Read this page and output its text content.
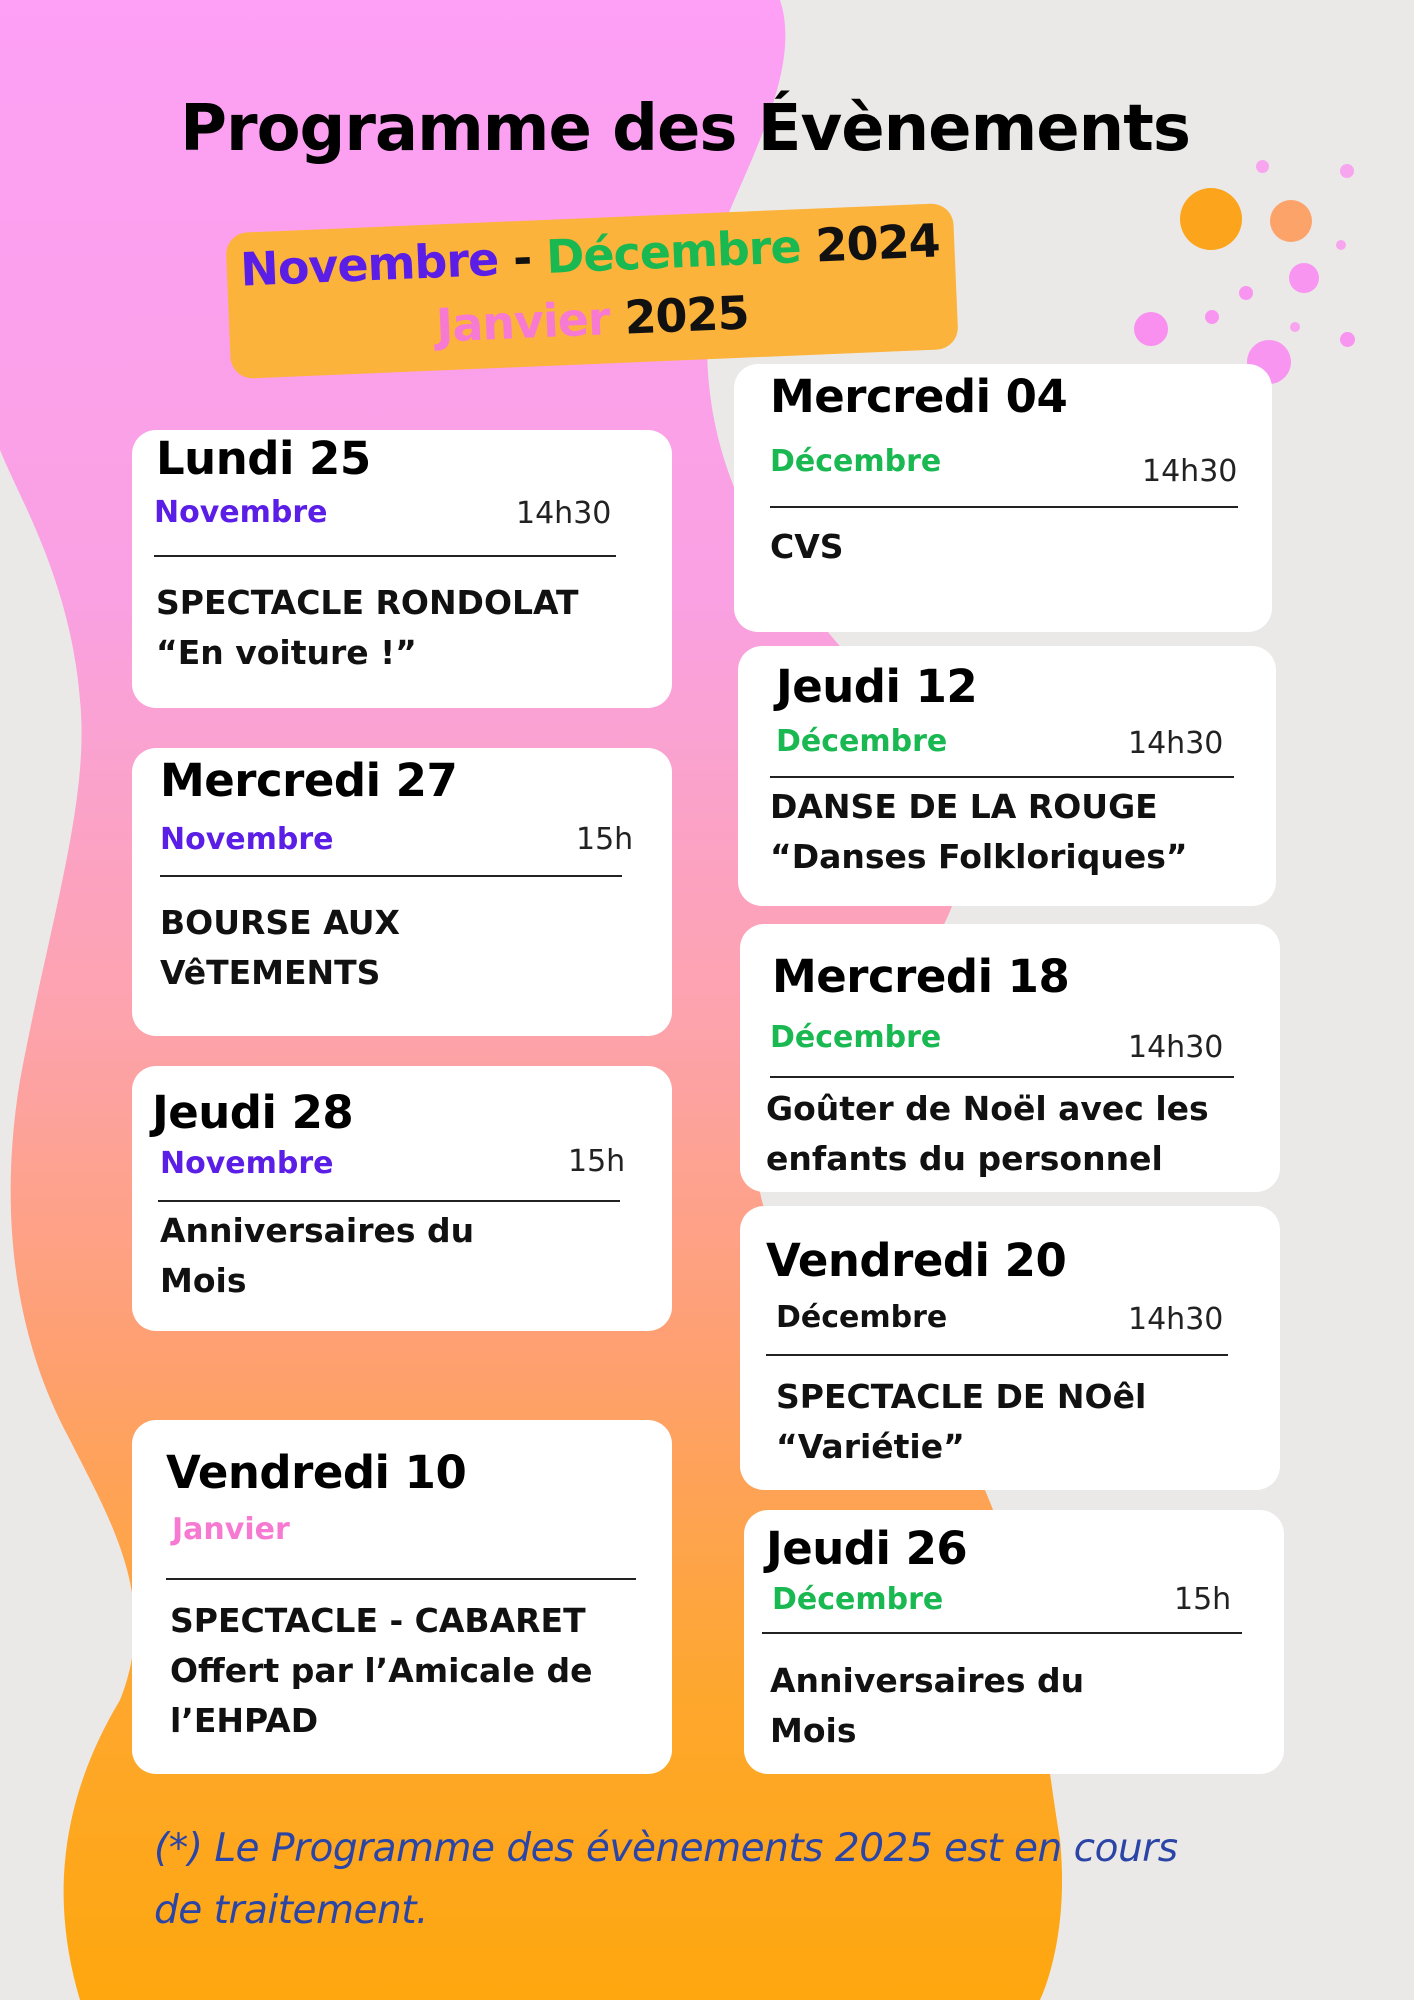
Programme des Évènements
Novembre - Décembre 2024
Janvier 2025
Lundi 25
Novembre	14h30
SPECTACLE RONDOLAT
“En voiture !”
Mercredi 27
Novembre	15h
BOURSE AUX
VêTEMENTS
Jeudi 28
Novembre	15h
Anniversaires du
Mois
Vendredi 10
Janvier
SPECTACLE - CABARET
Offert par l’Amicale de
l’EHPAD
Mercredi 04
Décembre	14h30
CVS
Jeudi 12
Décembre	14h30
DANSE DE LA ROUGE
“Danses Folkloriques”
Mercredi 18
Décembre	14h30
Goûter de Noël avec les
enfants du personnel
Vendredi 20
Décembre	14h30
SPECTACLE DE NOêl
“Variétie”
Jeudi 26
Décembre	15h
Anniversaires du
Mois
(*) Le Programme des évènements 2025 est en cours de traitement.
